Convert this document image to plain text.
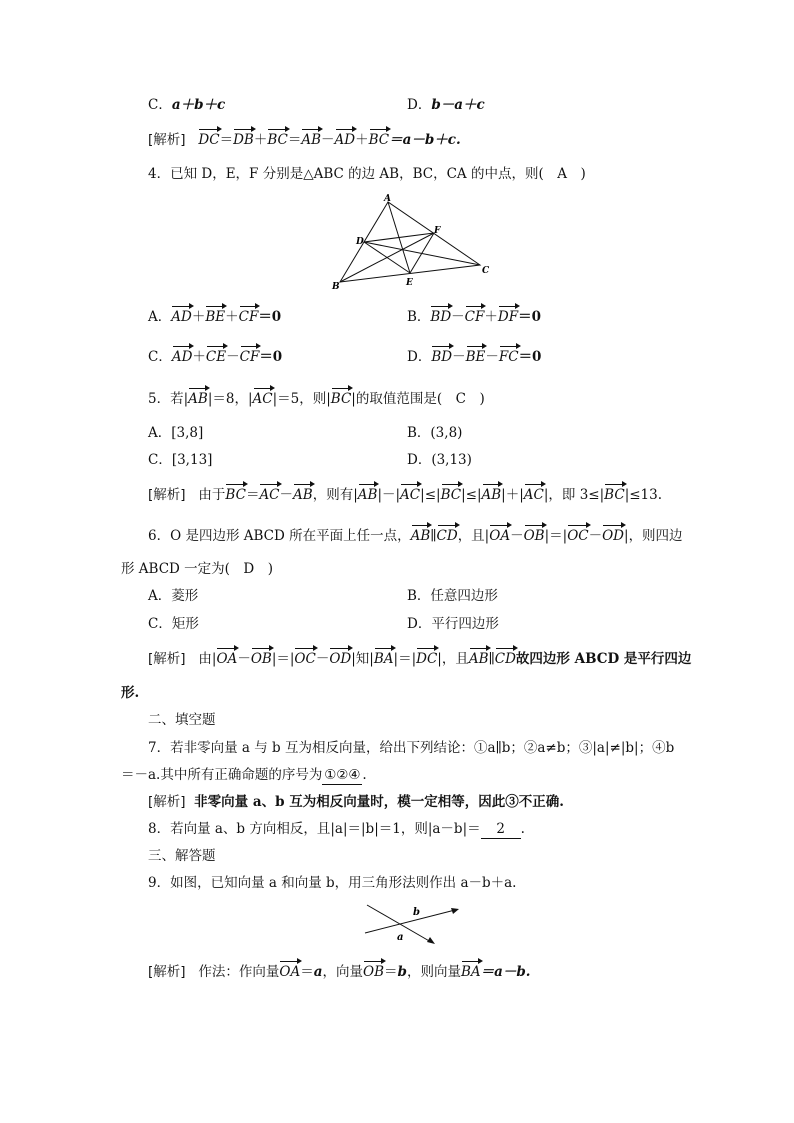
C．a＋b＋c	D．b－a＋c
[解析] DC＝DB＋BC＝AB－AD＋BC＝a－b＋c.
4．已知 D，E，F 分别是△ABC 的边 AB，BC，CA 的中点，则(　A　)
A
B
C
D
E
F
A．AD＋BE＋CF＝0	B．BD－CF＋DF＝0
C．AD＋CE－CF＝0	D．BD－BE－FC＝0
5．若|AB|＝8，|AC|＝5，则|BC|的取值范围是(　C　)
A．[3,8]	B．(3,8)
C．[3,13]	D．(3,13)
[解析] 由于BC＝AC－AB，则有|AB|－|AC|≤|BC|≤|AB|＋|AC|，即 3≤|BC|≤13.
6．O 是四边形 ABCD 所在平面上任一点，AB∥CD，且|OA－OB|＝|OC－OD|，则四边
形 ABCD 一定为(　D　)
A．菱形	B．任意四边形
C．矩形	D．平行四边形
[解析]   由|OA－OB|＝|OC－OD|知|BA|＝|DC|，且AB∥CD故四边形 ABCD 是平行四边
形.
二、填空题
7．若非零向量 a 与 b 互为相反向量，给出下列结论：①a∥b；②a≠b；③|a|≠|b|；④b
＝－a.其中所有正确命题的序号为 ①②④ .
[解析] 非零向量 a、b 互为相反向量时，模一定相等，因此③不正确.
8．若向量 a、b 方向相反，且|a|＝|b|＝1，则|a－b|＝ 2 .
三、解答题
9．如图，已知向量 a 和向量 b，用三角形法则作出 a－b＋a.
b
a
[解析] 作法：作向量OA＝a，向量OB＝b，则向量BA＝a－b.
